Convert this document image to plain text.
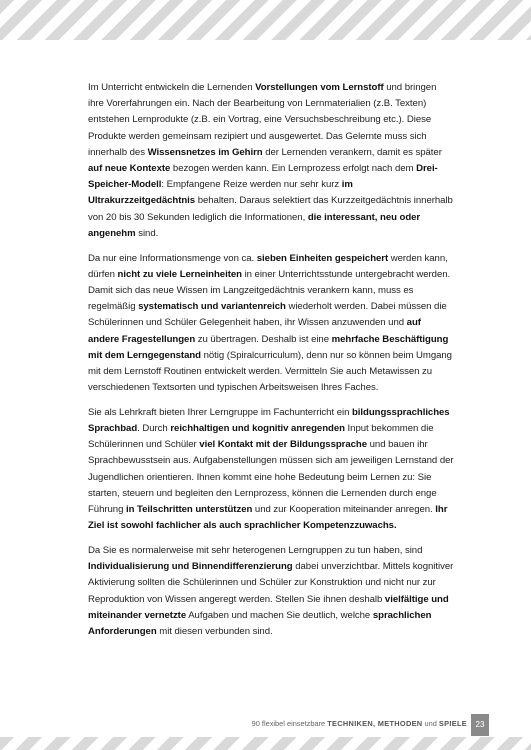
Im Unterricht entwickeln die Lernenden Vorstellungen vom Lernstoff und bringen ihre Vorerfahrungen ein. Nach der Bearbeitung von Lernmaterialien (z.B. Texten) entstehen Lernprodukte (z.B. ein Vortrag, eine Versuchsbeschreibung etc.). Diese Produkte werden gemeinsam rezipiert und ausgewertet. Das Gelernte muss sich innerhalb des Wissensnetzes im Gehirn der Lernenden verankern, damit es später auf neue Kontexte bezogen werden kann. Ein Lernprozess erfolgt nach dem Drei-Speicher-Modell: Empfangene Reize werden nur sehr kurz im Ultrakurzzeitgedächtnis behalten. Daraus selektiert das Kurzzeitgedächtnis innerhalb von 20 bis 30 Sekunden lediglich die Informationen, die interessant, neu oder angenehm sind.

Da nur eine Informationsmenge von ca. sieben Einheiten gespeichert werden kann, dürfen nicht zu viele Lerneinheiten in einer Unterrichtsstunde untergebracht werden. Damit sich das neue Wissen im Langzeitgedächtnis verankern kann, muss es regelmäßig systematisch und variantenreich wiederholt werden. Dabei müssen die Schülerinnen und Schüler Gelegenheit haben, ihr Wissen anzuwenden und auf andere Fragestellungen zu übertragen. Deshalb ist eine mehrfache Beschäftigung mit dem Lerngegenstand nötig (Spiralcurriculum), denn nur so können beim Umgang mit dem Lernstoff Routinen entwickelt werden. Vermitteln Sie auch Metawissen zu verschiedenen Textsorten und typischen Arbeitsweisen Ihres Faches.

Sie als Lehrkraft bieten Ihrer Lerngruppe im Fachunterricht ein bildungssprachliches Sprachbad. Durch reichhaltigen und kognitiv anregenden Input bekommen die Schülerinnen und Schüler viel Kontakt mit der Bildungssprache und bauen ihr Sprachbewusstsein aus. Aufgabenstellungen müssen sich am jeweiligen Lernstand der Jugendlichen orientieren. Ihnen kommt eine hohe Bedeutung beim Lernen zu: Sie starten, steuern und begleiten den Lernprozess, können die Lernenden durch enge Führung in Teilschritten unterstützen und zur Kooperation miteinander anregen. Ihr Ziel ist sowohl fachlicher als auch sprachlicher Kompetenzzuwachs.

Da Sie es normalerweise mit sehr heterogenen Lerngruppen zu tun haben, sind Individualisierung und Binnendifferenzierung dabei unverzichtbar. Mittels kognitiver Aktivierung sollten die Schülerinnen und Schüler zur Konstruktion und nicht nur zur Reproduktion von Wissen angeregt werden. Stellen Sie ihnen deshalb vielfältige und miteinander vernetzte Aufgaben und machen Sie deutlich, welche sprachlichen Anforderungen mit diesen verbunden sind.

90 flexibel einsetzbare TECHNIKEN, METHODEN und SPIELE	23
